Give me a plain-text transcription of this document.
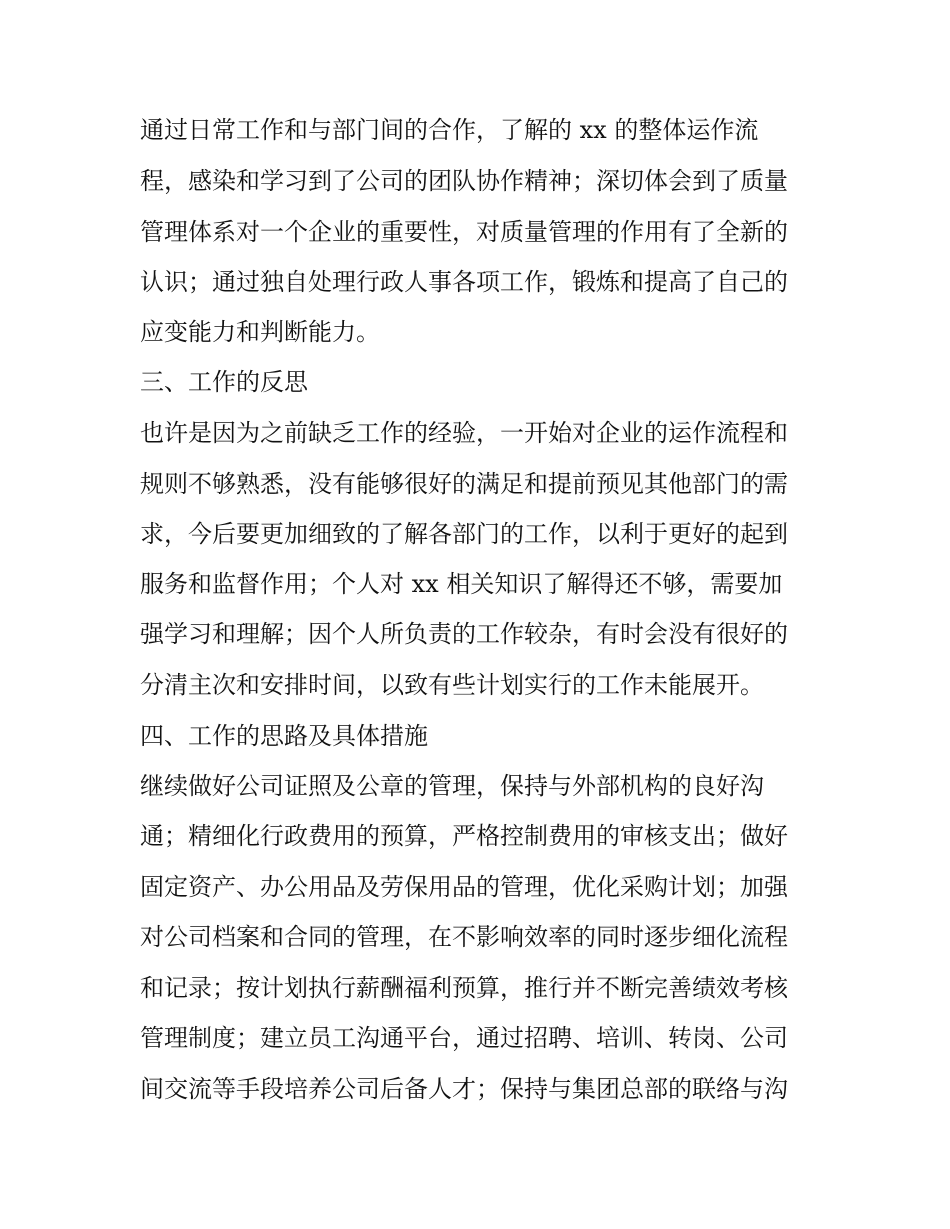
通过日常工作和与部门间的合作，了解的 xx 的整体运作流
程，感染和学习到了公司的团队协作精神；深切体会到了质量
管理体系对一个企业的重要性，对质量管理的作用有了全新的
认识；通过独自处理行政人事各项工作，锻炼和提高了自己的
应变能力和判断能力。
三、工作的反思
也许是因为之前缺乏工作的经验，一开始对企业的运作流程和
规则不够熟悉，没有能够很好的满足和提前预见其他部门的需
求，今后要更加细致的了解各部门的工作，以利于更好的起到
服务和监督作用；个人对 xx 相关知识了解得还不够，需要加
强学习和理解；因个人所负责的工作较杂，有时会没有很好的
分清主次和安排时间，以致有些计划实行的工作未能展开。
四、工作的思路及具体措施
继续做好公司证照及公章的管理，保持与外部机构的良好沟
通；精细化行政费用的预算，严格控制费用的审核支出；做好
固定资产、办公用品及劳保用品的管理，优化采购计划；加强
对公司档案和合同的管理，在不影响效率的同时逐步细化流程
和记录；按计划执行薪酬福利预算，推行并不断完善绩效考核
管理制度；建立员工沟通平台，通过招聘、培训、转岗、公司
间交流等手段培养公司后备人才；保持与集团总部的联络与沟
